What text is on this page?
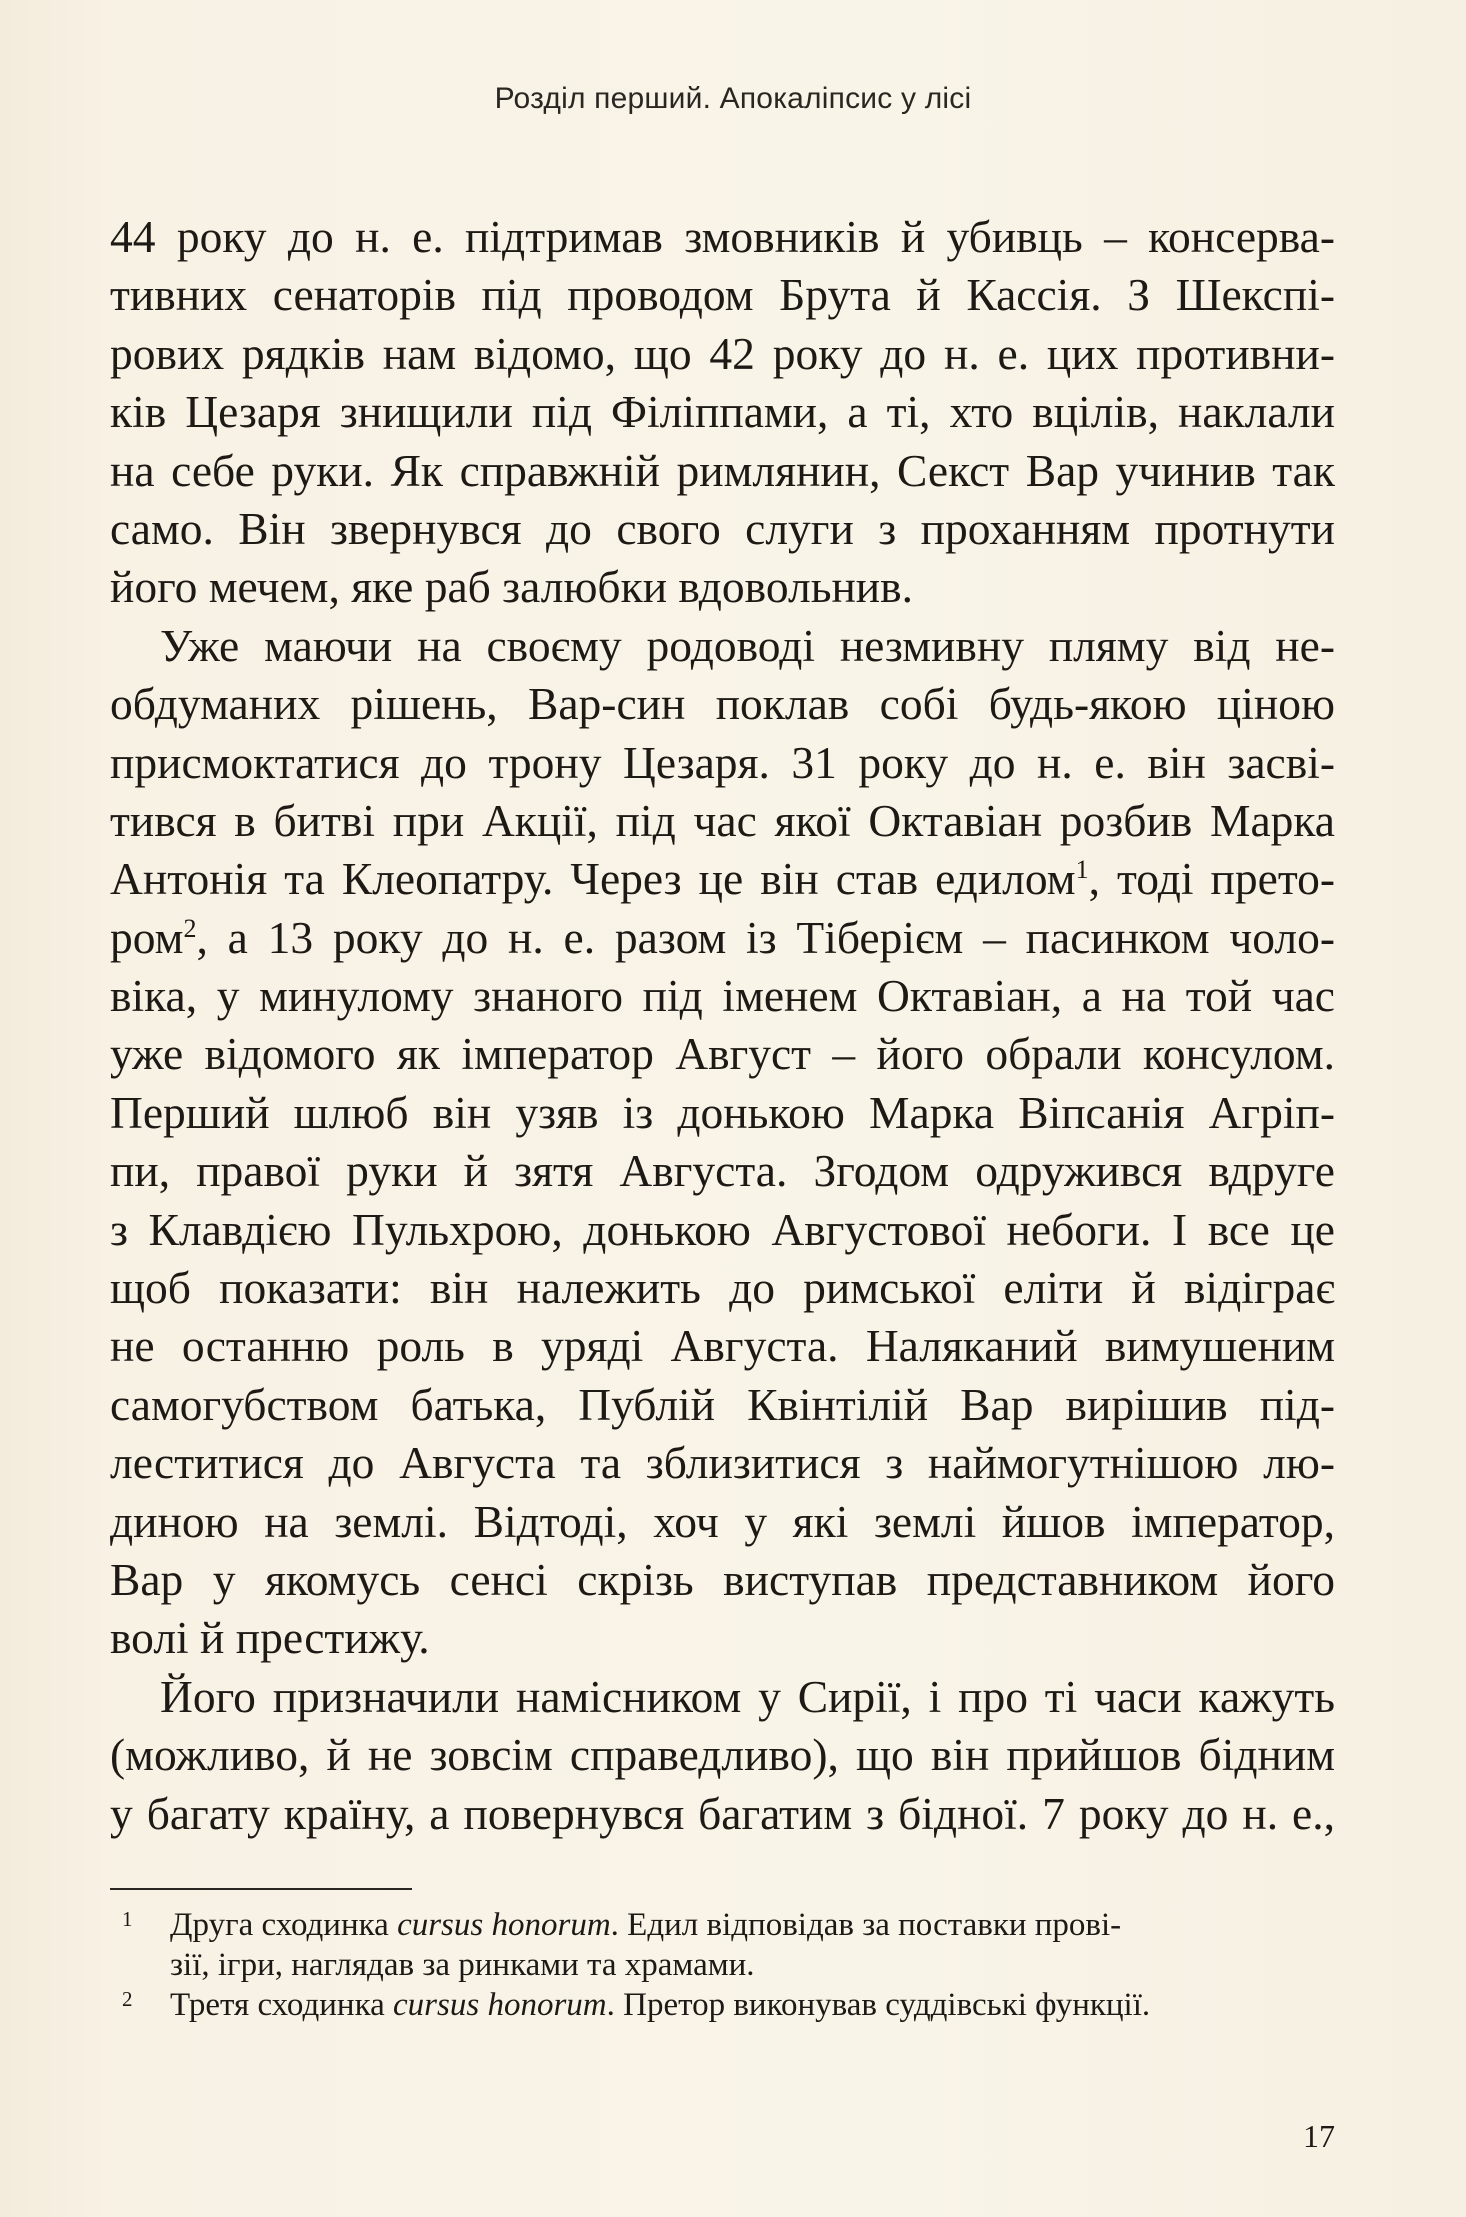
Розділ перший. Апокаліпсис у лісі
44 року до н. е. підтримав змовників й убивць – консерва-
тивних сенаторів під проводом Брута й Кассія. З Шекспі-
рових рядків нам відомо, що 42 року до н. е. цих противни-
ків Цезаря знищили під Філіппами, а ті, хто вцілів, наклали
на себе руки. Як справжній римлянин, Секст Вар учинив так
само. Він звернувся до свого слуги з проханням протнути
його мечем, яке раб залюбки вдовольнив.
Уже маючи на своєму родоводі незмивну пляму від не-
обдуманих рішень, Вар-син поклав собі будь-якою ціною
присмоктатися до трону Цезаря. 31 року до н. е. він засві-
тився в битві при Акції, під час якої Октавіан розбив Марка
Антонія та Клеопатру. Через це він став едилом$^1$, тоді прето-
ром$^2$, а 13 року до н. е. разом із Тіберієм – пасинком чоло-
віка, у минулому знаного під іменем Октавіан, а на той час
уже відомого як імператор Август – його обрали консулом.
Перший шлюб він узяв із донькою Марка Віпсанія Агріп-
пи, правої руки й зятя Августа. Згодом одружився вдруге
з Клавдією Пульхрою, донькою Августової небоги. І все це
щоб показати: він належить до римської еліти й відіграє
не останню роль в уряді Августа. Наляканий вимушеним
самогубством батька, Публій Квінтілій Вар вирішив під-
леститися до Августа та зблизитися з наймогутнішою лю-
диною на землі. Відтоді, хоч у які землі йшов імператор,
Вар у якомусь сенсі скрізь виступав представником його
волі й престижу.
Його призначили намісником у Сирії, і про ті часи кажуть
(можливо, й не зовсім справедливо), що він прийшов бідним
у багату країну, а повернувся багатим з бідної. 7 року до н. е.,
1 Друга сходинка cursus honorum. Едил відповідав за поставки прові-
зії, ігри, наглядав за ринками та храмами.
2 Третя сходинка cursus honorum. Претор виконував суддівські функції.
17
